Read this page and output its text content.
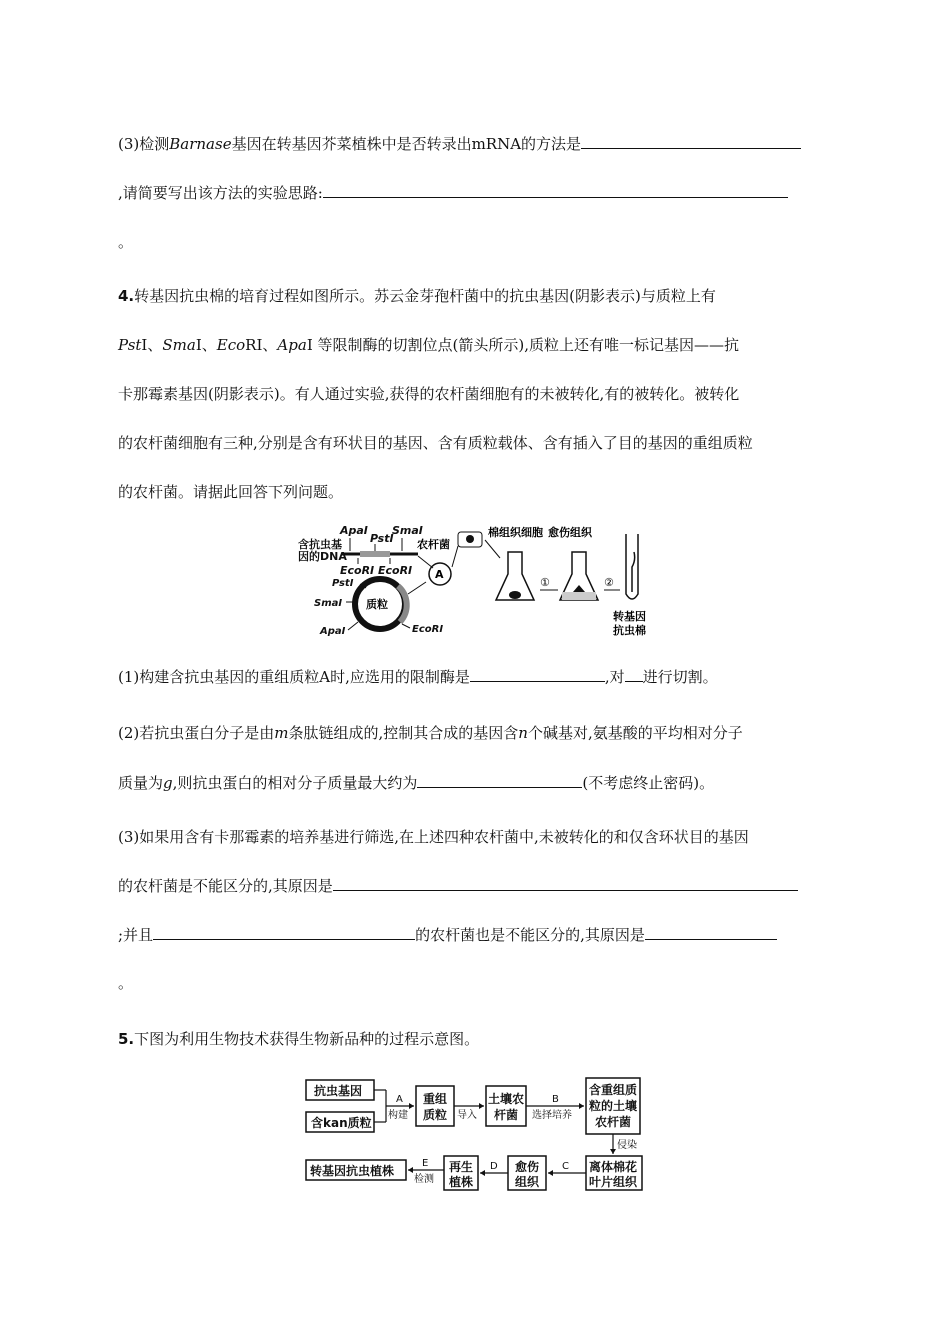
(3)检测Barnase基因在转基因芥菜植株中是否转录出mRNA的方法是
,请简要写出该方法的实验思路:
。
4.转基因抗虫棉的培育过程如图所示。苏云金芽孢杆菌中的抗虫基因(阴影表示)与质粒上有
PstⅠ、SmaⅠ、EcoRⅠ、ApaⅠ 等限制酶的切割位点(箭头所示),质粒上还有唯一标记基因——抗
卡那霉素基因(阴影表示)。有人通过实验,获得的农杆菌细胞有的未被转化,有的被转化。被转化
的农杆菌细胞有三种,分别是含有环状目的基因、含有质粒载体、含有插入了目的基因的重组质粒
的农杆菌。请据此回答下列问题。
含抗虫基
因的DNA
ApaⅠ
PstⅠ
SmaⅠ
EcoRⅠ EcoRⅠ
质粒
PstⅠ
SmaⅠ
ApaⅠ	EcoRⅠ
A
农杆菌
棉组织细胞 愈伤组织
①	②
转基因
抗虫棉
(1)构建含抗虫基因的重组质粒A时,应选用的限制酶是	,对 进行切割。
(2)若抗虫蛋白分子是由m条肽链组成的,控制其合成的基因含n个碱基对,氨基酸的平均相对分子
质量为g,则抗虫蛋白的相对分子质量最大约为	(不考虑终止密码)。
(3)如果用含有卡那霉素的培养基进行筛选,在上述四种农杆菌中,未被转化的和仅含环状目的基因
的农杆菌是不能区分的,其原因是
;并且	的农杆菌也是不能区分的,其原因是
。
5.下图为利用生物技术获得生物新品种的过程示意图。
抗虫基因
含kan质粒
重组
质粒
土壤农
杆菌
含重组质
粒的土壤
农杆菌
离体棉花
叶片组织
愈伤
组织
再生
植株
转基因抗虫植株
A
构建	导入
B
选择培养
侵染
C
D
E
检测
